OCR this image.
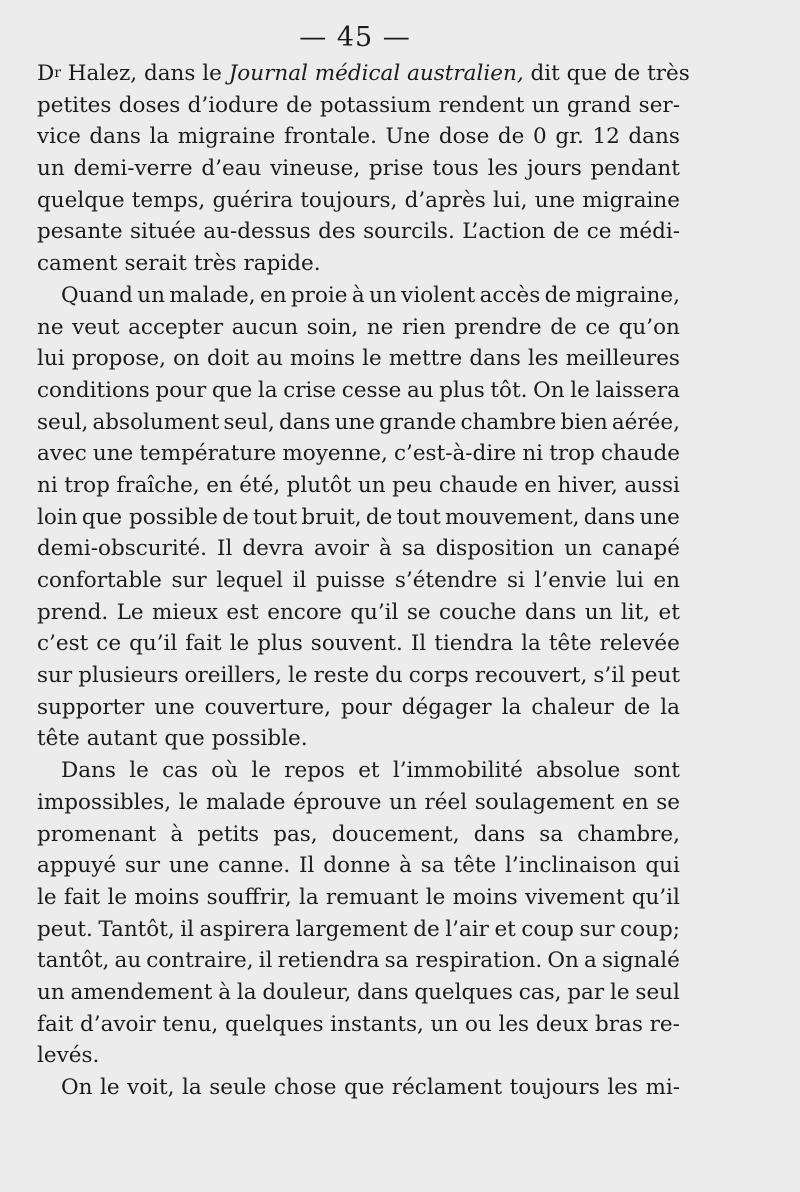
— 45 —
D r Halez, dans le Journal médical australien, dit que de très
petites doses d’iodure de potassium rendent un grand ser-
vice dans la migraine frontale. Une dose de 0 gr. 12 dans
un demi-verre d’eau vineuse, prise tous les jours pendant
quelque temps, guérira toujours, d’après lui, une migraine
pesante située au-dessus des sourcils. L’action de ce médi-
cament serait très rapide.
Quand un malade, en proie à un violent accès de migraine,
ne veut accepter aucun soin, ne rien prendre de ce qu’on
lui propose, on doit au moins le mettre dans les meilleures
conditions pour que la crise cesse au plus tôt. On le laissera
seul, absolument seul, dans une grande chambre bien aérée,
avec une température moyenne, c’est-à-dire ni trop chaude
ni trop fraîche, en été, plutôt un peu chaude en hiver, aussi
loin que possible de tout bruit, de tout mouvement, dans une
demi-obscurité. Il devra avoir à sa disposition un canapé
confortable sur lequel il puisse s’étendre si l’envie lui en
prend. Le mieux est encore qu’il se couche dans un lit, et
c’est ce qu’il fait le plus souvent. Il tiendra la tête relevée
sur plusieurs oreillers, le reste du corps recouvert, s’il peut
supporter une couverture, pour dégager la chaleur de la
tête autant que possible.
Dans le cas où le repos et l’immobilité absolue sont
impossibles, le malade éprouve un réel soulagement en se
promenant à petits pas, doucement, dans sa chambre,
appuyé sur une canne. Il donne à sa tête l’inclinaison qui
le fait le moins souffrir, la remuant le moins vivement qu’il
peut. Tantôt, il aspirera largement de l’air et coup sur coup;
tantôt, au contraire, il retiendra sa respiration. On a signalé
un amendement à la douleur, dans quelques cas, par le seul
fait d’avoir tenu, quelques instants, un ou les deux bras re-
levés.
On le voit, la seule chose que réclament toujours les mi-
